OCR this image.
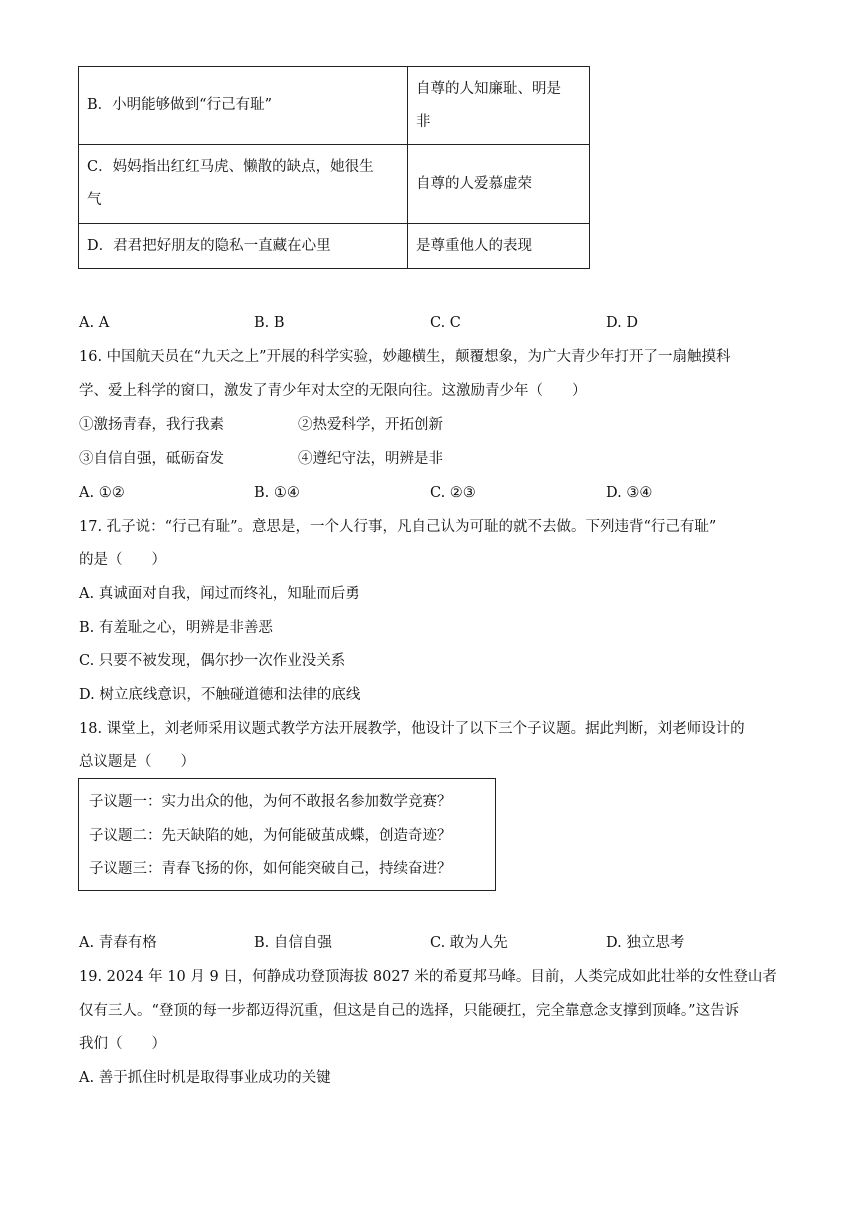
B．小明能够做到“行己有耻”	自尊的人知廉耻、明是
非
C．妈妈指出红红马虎、懒散的缺点，她很生
气	自尊的人爱慕虚荣
D．君君把好朋友的隐私一直藏在心里	是尊重他人的表现
A. A	B. B	C. C	D. D
16. 中国航天员在“九天之上”开展的科学实验，妙趣横生，颠覆想象，为广大青少年打开了一扇触摸科
学、爱上科学的窗口，激发了青少年对太空的无限向往。这激励青少年（　　）
①激扬青春，我行我素	②热爱科学，开拓创新
③自信自强，砥砺奋发	④遵纪守法，明辨是非
A. ①②	B. ①④	C. ②③	D. ③④
17. 孔子说：“行己有耻”。意思是，一个人行事，凡自己认为可耻的就不去做。下列违背“行己有耻”
的是（　　）
A. 真诚面对自我，闻过而终礼，知耻而后勇
B. 有羞耻之心，明辨是非善恶
C. 只要不被发现，偶尔抄一次作业没关系
D. 树立底线意识，不触碰道德和法律的底线
18. 课堂上，刘老师采用议题式教学方法开展教学，他设计了以下三个子议题。据此判断，刘老师设计的
总议题是（　　）
子议题一：实力出众的他，为何不敢报名参加数学竞赛？
子议题二：先天缺陷的她，为何能破茧成蝶，创造奇迹？
子议题三：青春飞扬的你，如何能突破自己，持续奋进？
A. 青春有格	B. 自信自强	C. 敢为人先	D. 独立思考
19. 2024 年 10 月 9 日，何静成功登顶海拔 8027 米的希夏邦马峰。目前，人类完成如此壮举的女性登山者
仅有三人。“登顶的每一步都迈得沉重，但这是自己的选择，只能硬扛，完全靠意念支撑到顶峰。”这告诉
我们（　　）
A. 善于抓住时机是取得事业成功的关键
